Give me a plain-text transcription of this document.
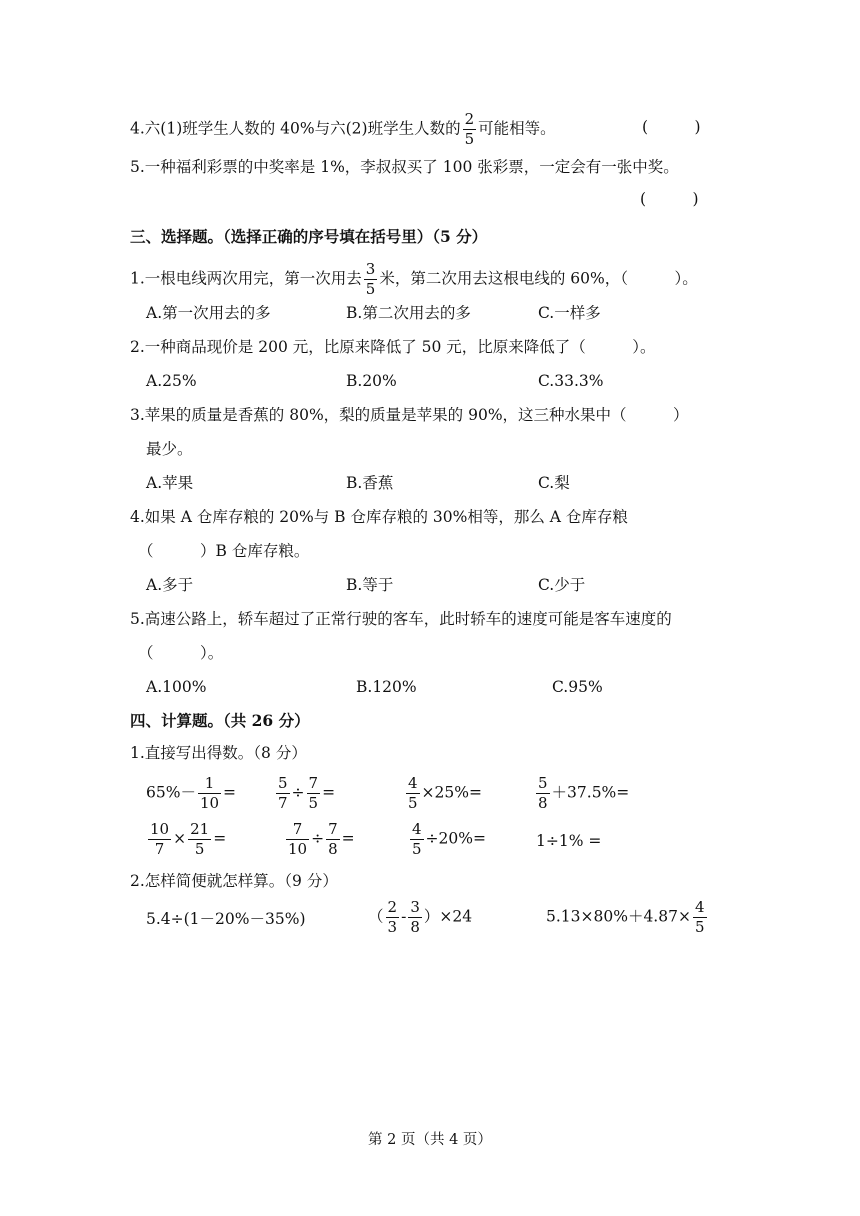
4.六(1)班学生人数的 40%与六(2)班学生人数的 $\frac{2}{5}$ 可能相等。	(　　　)
5.一种福利彩票的中奖率是 1%，李叔叔买了 100 张彩票，一定会有一张中奖。
(　　　)
三、选择题。（选择正确的序号填在括号里）（5 分）
1.一根电线两次用完，第一次用去 $\frac{3}{5}$ 米，第二次用去这根电线的 60%，（　　　）。
A.第一次用去的多	B.第二次用去的多	C.一样多
2.一种商品现价是 200 元，比原来降低了 50 元，比原来降低了（　　　）。
A.25%	B.20%	C.33.3%
3.苹果的质量是香蕉的 80%，梨的质量是苹果的 90%，这三种水果中（　　　）
最少。
A.苹果	B.香蕉	C.梨
4.如果 A 仓库存粮的 20%与 B 仓库存粮的 30%相等，那么 A 仓库存粮
（　　　）B 仓库存粮。
A.多于	B.等于	C.少于
5.高速公路上，轿车超过了正常行驶的客车，此时轿车的速度可能是客车速度的
（　　　）。
A.100%	B.120%	C.95%
四、计算题。（共 26 分）
1.直接写出得数。（8 分）
$65\%- \frac{1}{10}$ =	$\frac{5}{7} \div \frac{7}{5}$ =	$\frac{4}{5} \times 25\%=$	$\frac{5}{8} +37.5\%=$
$\frac{10}{7} \times \frac{21}{5}$ =	$\frac{7}{10} \div \frac{7}{8}$ =	$\frac{4}{5} \div 20\%=$	1÷1% =
2.怎样简便就怎样算。（9 分）
5.4÷(1－20%－35%)	（ $\frac{2}{3} - \frac{3}{8} )\times 24$	$5.13\times 80\%+4.87\times \frac{4}{5}$
第 2 页（共 4 页）
